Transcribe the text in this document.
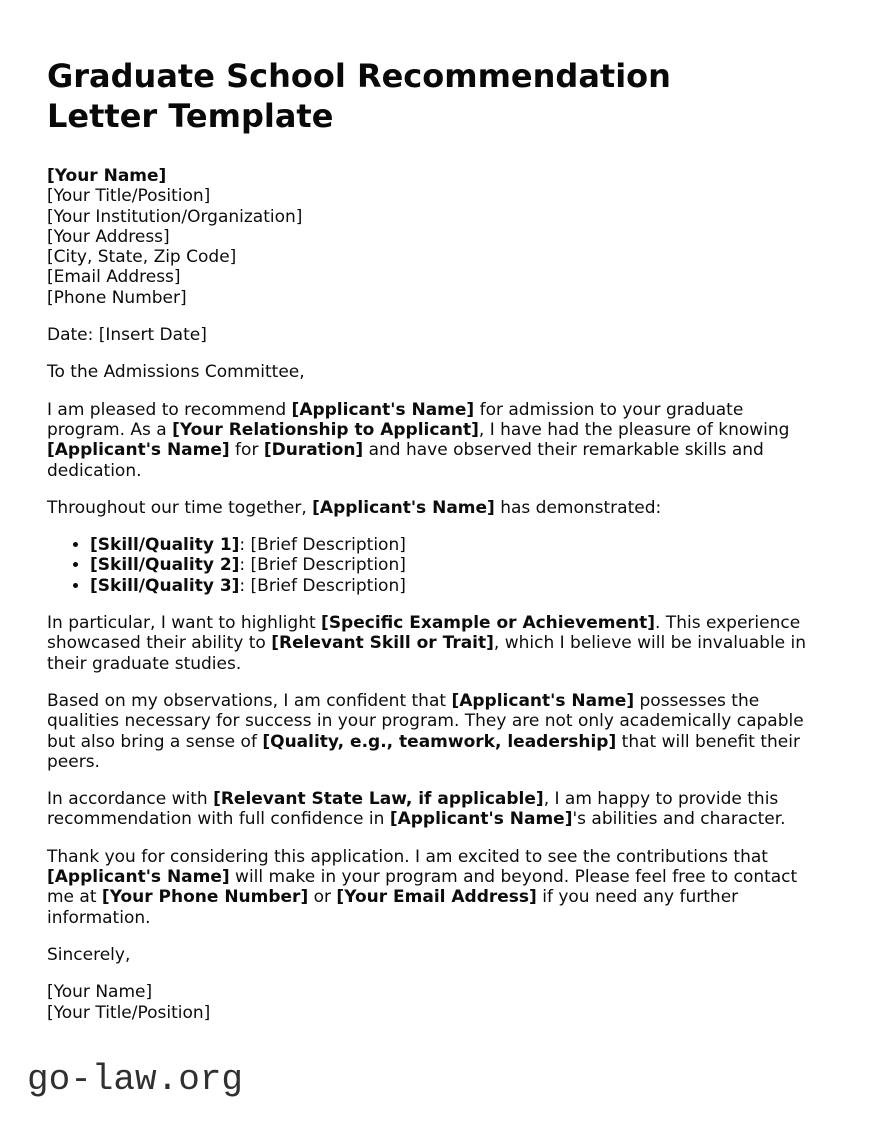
Graduate School Recommendation Letter Template
[Your Name]
[Your Title/Position]
[Your Institution/Organization]
[Your Address]
[City, State, Zip Code]
[Email Address]
[Phone Number]

Date: [Insert Date]

To the Admissions Committee,

I am pleased to recommend [Applicant's Name] for admission to your graduate program. As a [Your Relationship to Applicant], I have had the pleasure of knowing [Applicant's Name] for [Duration] and have observed their remarkable skills and dedication.

Throughout our time together, [Applicant's Name] has demonstrated:

• [Skill/Quality 1]: [Brief Description]
• [Skill/Quality 2]: [Brief Description]
• [Skill/Quality 3]: [Brief Description]

In particular, I want to highlight [Specific Example or Achievement]. This experience showcased their ability to [Relevant Skill or Trait], which I believe will be invaluable in their graduate studies.

Based on my observations, I am confident that [Applicant's Name] possesses the qualities necessary for success in your program. They are not only academically capable but also bring a sense of [Quality, e.g., teamwork, leadership] that will benefit their peers.

In accordance with [Relevant State Law, if applicable], I am happy to provide this recommendation with full confidence in [Applicant's Name]'s abilities and character.

Thank you for considering this application. I am excited to see the contributions that [Applicant's Name] will make in your program and beyond. Please feel free to contact me at [Your Phone Number] or [Your Email Address] if you need any further information.

Sincerely,

[Your Name]
[Your Title/Position]
go-law.org
